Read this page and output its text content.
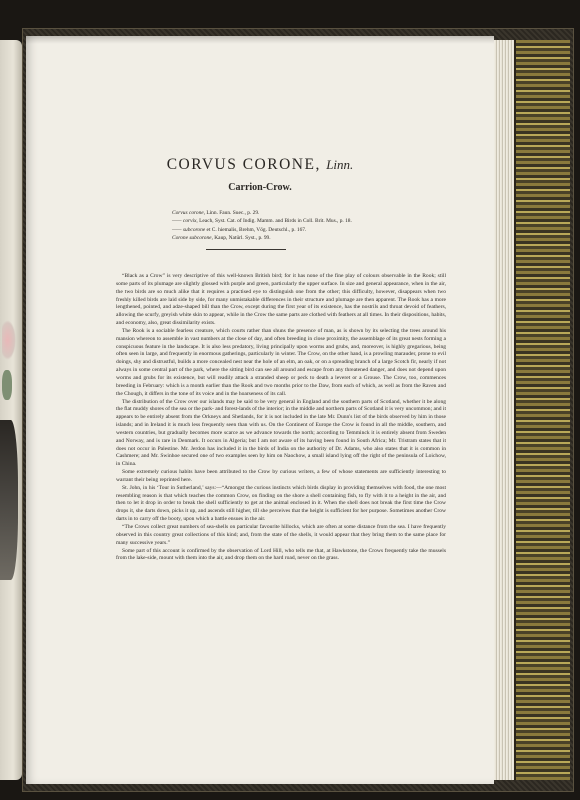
CORVUS CORONE, Linn.
Carrion-Crow.
Corvus corone, Linn. Faun. Suec., p. 29.
—— corvix, Leach, Syst. Cat. of Indig. Mamm. and Birds in Coll. Brit. Mus., p. 18.
—— subcorone et C. hiemalis, Brehm, Vög. Deutschl., p. 167.
Corone subcorone, Kaup, Natürl. Syst., p. 99.

“Black as a Crow” is very descriptive of this well-known British bird; for it has none of the fine play of colours observable in the Rook; still some parts of its plumage are slightly glossed with purple and green, particularly the upper surface. In size and general appearance, when in the air, the two birds are so much alike that it requires a practised eye to distinguish one from the other; this difficulty, however, disappears when two freshly killed birds are laid side by side, for many unmistakable differences in their structure and plumage are then apparent. The Rook has a more lengthened, pointed, and adze-shaped bill than the Crow, except during the first year of its existence, has the nostrils and throat devoid of feathers, allowing the scurfy, greyish white skin to appear, while in the Crow the same parts are clothed with feathers at all times. In their dispositions, habits, and economy, also, great dissimilarity exists.

The Rook is a sociable fearless creature, which courts rather than shuns the presence of man, as is shown by its selecting the trees around his mansion whereon to assemble in vast numbers at the close of day, and often breeding in close proximity, the assemblage of its great nests forming a conspicuous feature in the landscape. It is also less predatory, living principally upon worms and grubs, and, moreover, is highly gregarious, being often seen in large, and frequently in enormous gatherings, particularly in winter. The Crow, on the other hand, is a prowling marauder, prone to evil doings, shy and distrustful, builds a more concealed nest near the hole of an elm, an oak, or on a spreading branch of a large Scotch fir, nearly if not always in some central part of the park, where the sitting bird can see all around and escape from any threatened danger, and does not depend upon worms and grubs for its existence, but will readily attack a stranded sheep or peck to death a leveret or a Grouse. The Crow, too, commences breeding in February: which is a month earlier than the Rook and two months prior to the Daw, from each of which, as well as from the Raven and the Chough, it differs in the tone of its voice and in the hoarseness of its call.

The distribution of the Crow over our islands may be said to be very general in England and the southern parts of Scotland, whether it be along the flat muddy shores of the sea or the park- and forest-lands of the interior; in the middle and northern parts of Scotland it is very uncommon; and it appears to be entirely absent from the Orkneys and Shetlands, for it is not included in the late Mr. Dunn's list of the birds observed by him in those islands; and in Ireland it is much less frequently seen than with us. On the Continent of Europe the Crow is found in all the middle, southern, and western countries, but gradually becomes more scarce as we advance towards the north; according to Temminck it is entirely absent from Sweden and Norway, and is rare in Denmark. It occurs in Algeria; but I am not aware of its having been found in South Africa; Mr. Tristram states that it does not occur in Palestine. Mr. Jerdon has included it in the birds of India on the authority of Dr. Adams, who also states that it is common in Cashmere; and Mr. Swinhoe secured one of two examples seen by him on Naochow, a small island lying off the right of the peninsula of Loichow, in China.

Some extremely curious habits have been attributed to the Crow by curious writers, a few of whose statements are sufficiently interesting to warrant their being reprinted here.

St. John, in his ‘Tour in Sutherland,’ says:—“Amongst the curious instincts which birds display in providing themselves with food, the one most resembling reason is that which teaches the common Crow, on finding on the shore a shell containing fish, to fly with it to a height in the air, and then to let it drop in order to break the shell sufficiently to get at the animal enclosed in it. When the shell does not break the first time the Crow drops it, she darts down, picks it up, and ascends still higher, till she perceives that the height is sufficient for her purpose. Sometimes another Crow darts in to carry off the booty, upon which a battle ensues in the air.

“The Crows collect great numbers of sea-shells on particular favourite hillocks, which are often at some distance from the sea. I have frequently observed in this country great collections of this kind; and, from the state of the shells, it would appear that they bring them to the same place for many successive years.”

Some part of this account is confirmed by the observation of Lord Hill, who tells me that, at Hawkstone, the Crows frequently take the mussels from the lake-side, mount with them into the air, and drop them on the hard road, never on the grass.
